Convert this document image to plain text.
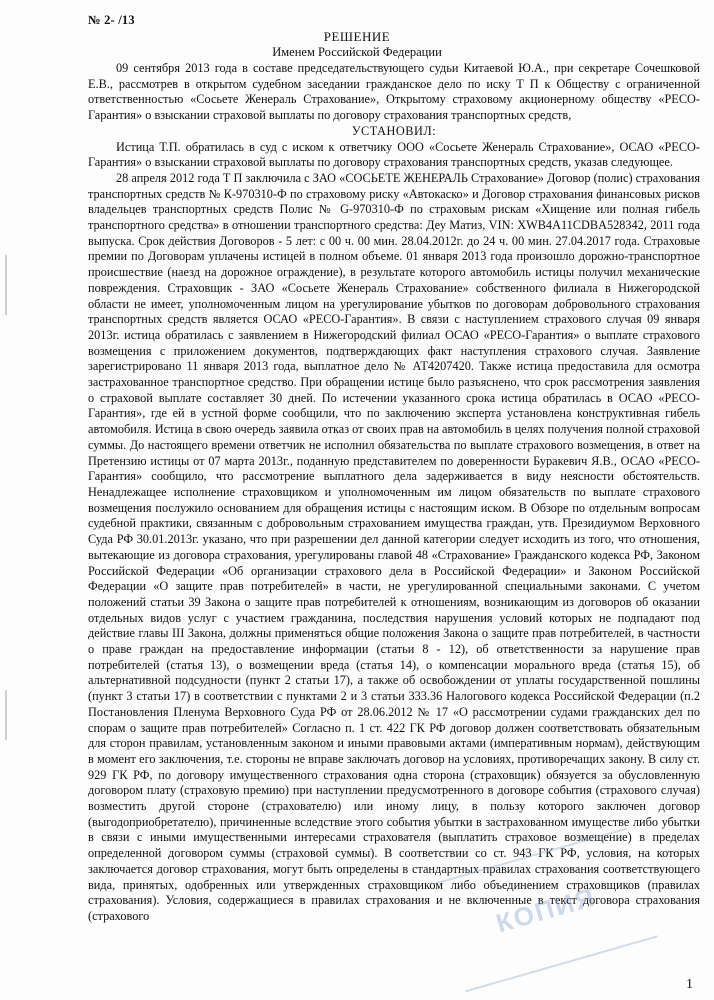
№ 2- /13
РЕШЕНИЕ
Именем Российской Федерации

09 сентября 2013 года в составе председательствующего судьи Китаевой Ю.А., при секретаре Сочешковой Е.В., рассмотрев в открытом судебном заседании гражданское дело по иску Т П к Обществу с ограниченной ответственностью «Сосьете Женераль Страхование», Открытому страховому акционерному обществу «РЕСО-Гарантия» о взыскании страховой выплаты по договору страхования транспортных средств,

УСТАНОВИЛ:

Истица Т.П. обратилась в суд с иском к ответчику ООО «Сосьете Женераль Страхование», ОСАО «РЕСО-Гарантия» о взыскании страховой выплаты по договору страхования транспортных средств, указав следующее.

28 апреля 2012 года Т П заключила с ЗАО «СОСЬЕТЕ ЖЕНЕРАЛЬ Страхование» Договор (полис) страхования транспортных средств № К-970310-Ф по страховому риску «Автокаско» и Договор страхования финансовых рисков владельцев транспортных средств Полис № G-970310-Ф по страховым рискам «Хищение или полная гибель транспортного средства» в отношении транспортного средства: Деу Матиз, VIN: XWB4A11CDBA528342, 2011 года выпуска. Срок действия Договоров - 5 лет: с 00 ч. 00 мин. 28.04.2012г. до 24 ч. 00 мин. 27.04.2017 года. Страховые премии по Договорам уплачены истицей в полном объеме. 01 января 2013 года произошло дорожно-транспортное происшествие (наезд на дорожное ограждение), в результате которого автомобиль истицы получил механические повреждения. Страховщик - ЗАО «Сосьете Женераль Страхование» собственного филиала в Нижегородской области не имеет, уполномоченным лицом на урегулирование убытков по договорам добровольного страхования транспортных средств является ОСАО «РЕСО-Гарантия». В связи с наступлением страхового случая 09 января 2013г. истица обратилась с заявлением в Нижегородский филиал ОСАО «РЕСО-Гарантия» о выплате страхового возмещения с приложением документов, подтверждающих факт наступления страхового случая. Заявление зарегистрировано 11 января 2013 года, выплатное дело № АТ4207420. Также истица предоставила для осмотра застрахованное транспортное средство. При обращении истице было разъяснено, что срок рассмотрения заявления о страховой выплате составляет 30 дней. По истечении указанного срока истица обратилась в ОСАО «РЕСО-Гарантия», где ей в устной форме сообщили, что по заключению эксперта установлена конструктивная гибель автомобиля. Истица в свою очередь заявила отказ от своих прав на автомобиль в целях получения полной страховой суммы. До настоящего времени ответчик не исполнил обязательства по выплате страхового возмещения, в ответ на Претензию истицы от 07 марта 2013г., поданную представителем по доверенности Буракевич Я.В., ОСАО «РЕСО-Гарантия» сообщило, что рассмотрение выплатного дела задерживается в виду неясности обстоятельств. Ненадлежащее исполнение страховщиком и уполномоченным им лицом обязательств по выплате страхового возмещения послужило основанием для обращения истицы с настоящим иском. В Обзоре по отдельным вопросам судебной практики, связанным с добровольным страхованием имущества граждан, утв. Президиумом Верховного Суда РФ 30.01.2013г. указано, что при разрешении дел данной категории следует исходить из того, что отношения, вытекающие из договора страхования, урегулированы главой 48 «Страхование» Гражданского кодекса РФ, Законом Российской Федерации «Об организации страхового дела в Российской Федерации» и Законом Российской Федерации «О защите прав потребителей» в части, не урегулированной специальными законами. С учетом положений статьи 39 Закона о защите прав потребителей к отношениям, возникающим из договоров об оказании отдельных видов услуг с участием гражданина, последствия нарушения условий которых не подпадают под действие главы III Закона, должны применяться общие положения Закона о защите прав потребителей, в частности о праве граждан на предоставление информации (статьи 8 - 12), об ответственности за нарушение прав потребителей (статья 13), о возмещении вреда (статья 14), о компенсации морального вреда (статья 15), об альтернативной подсудности (пункт 2 статьи 17), а также об освобождении от уплаты государственной пошлины (пункт 3 статьи 17) в соответствии с пунктами 2 и 3 статьи 333.36 Налогового кодекса Российской Федерации (п.2 Постановления Пленума Верховного Суда РФ от 28.06.2012 № 17 «О рассмотрении судами гражданских дел по спорам о защите прав потребителей» Согласно п. 1 ст. 422 ГК РФ договор должен соответствовать обязательным для сторон правилам, установленным законом и иными правовыми актами (императивным нормам), действующим в момент его заключения, т.е. стороны не вправе заключать договор на условиях, противоречащих закону. В силу ст. 929 ГК РФ, по договору имущественного страхования одна сторона (страховщик) обязуется за обусловленную договором плату (страховую премию) при наступлении предусмотренного в договоре события (страхового случая) возместить другой стороне (страхователю) или иному лицу, в пользу которого заключен договор (выгодоприобретателю), причиненные вследствие этого события убытки в застрахованном имуществе либо убытки в связи с иными имущественными интересами страхователя (выплатить страховое возмещение) в пределах определенной договором суммы (страховой суммы). В соответствии со ст. 943 ГК РФ, условия, на которых заключается договор страхования, могут быть определены в стандартных правилах страхования соответствующего вида, принятых, одобренных или утвержденных страховщиком либо объединением страховщиков (правилах страхования). Условия, содержащиеся в правилах страхования и не включенные в текст договора страхования (страхового	КОПИЯ
1
